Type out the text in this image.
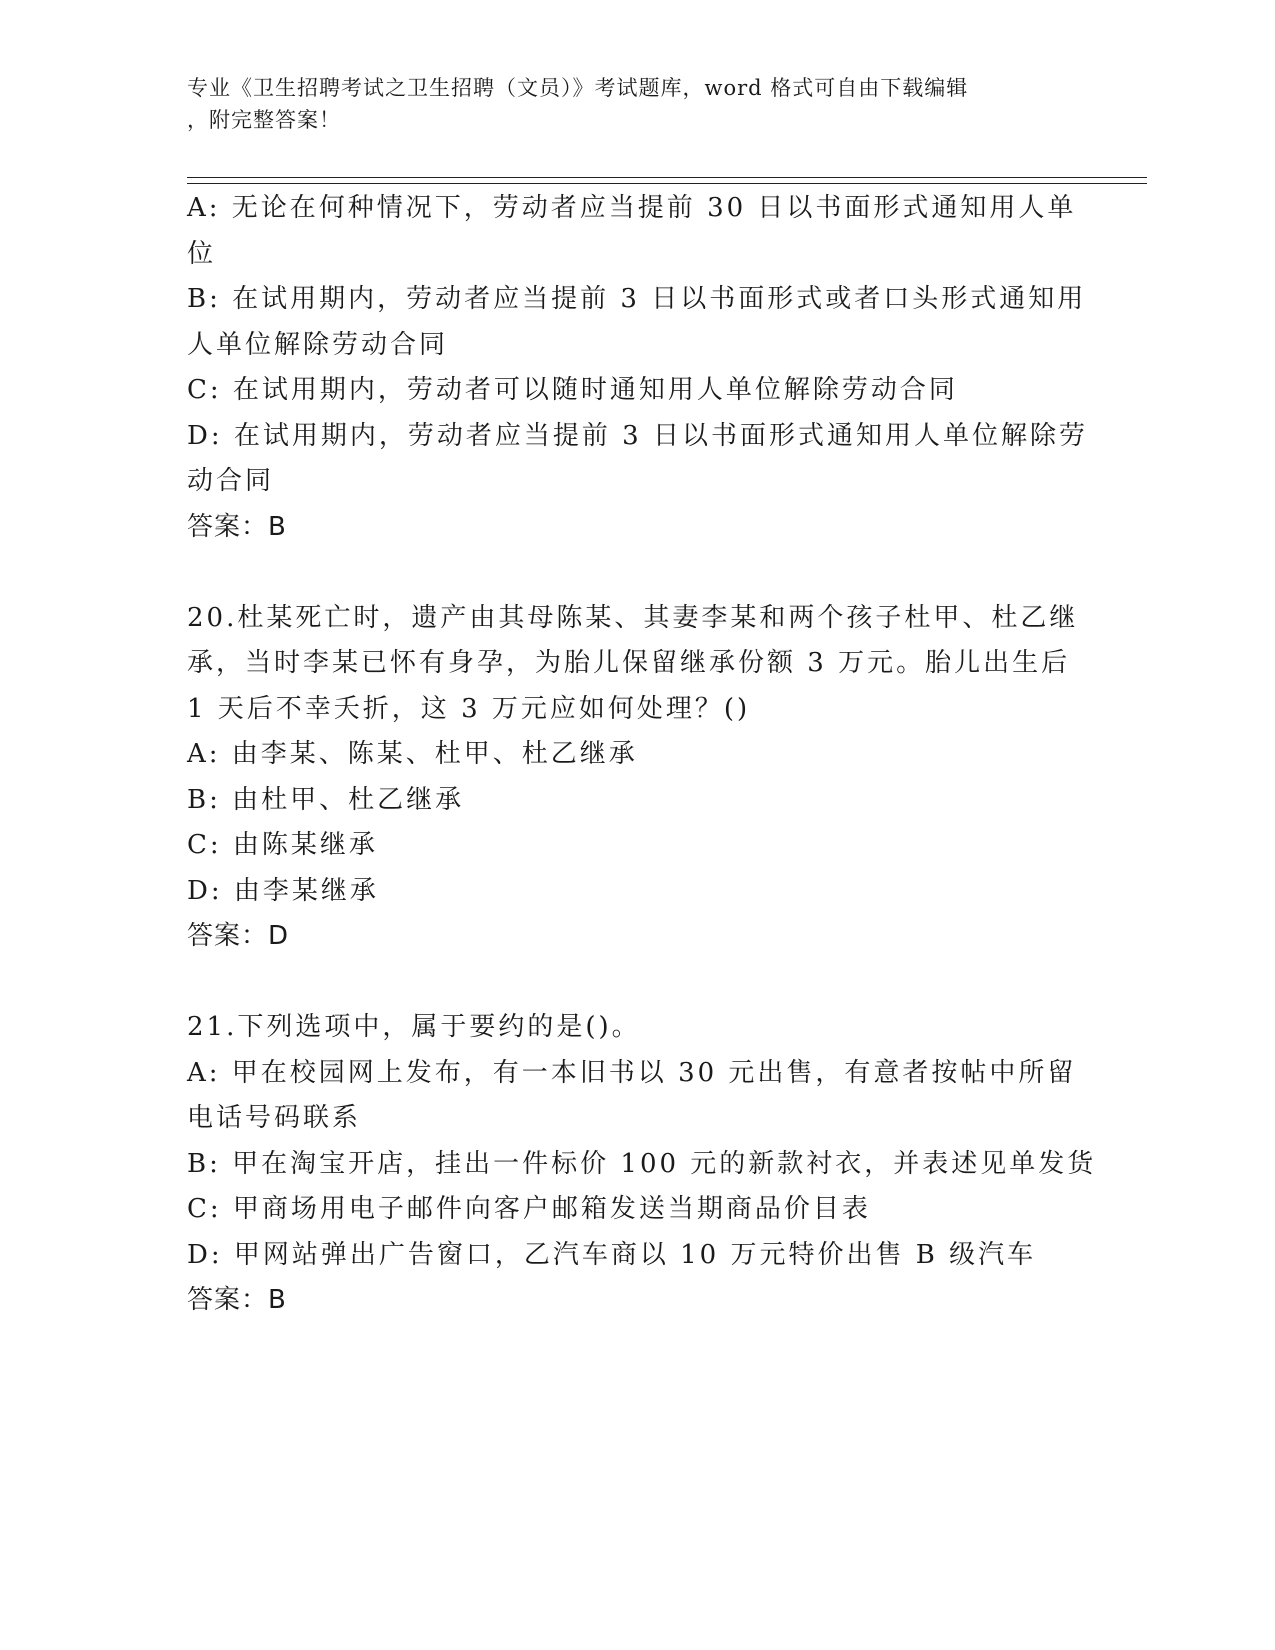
专业《卫生招聘考试之卫生招聘（文员）》考试题库，word 格式可自由下载编辑
，附完整答案！
A: 无论在何种情况下，劳动者应当提前 30 日以书面形式通知用人单
位
B: 在试用期内，劳动者应当提前 3 日以书面形式或者口头形式通知用
人单位解除劳动合同
C: 在试用期内，劳动者可以随时通知用人单位解除劳动合同
D: 在试用期内，劳动者应当提前 3 日以书面形式通知用人单位解除劳
动合同
答案：B
20.杜某死亡时，遗产由其母陈某、其妻李某和两个孩子杜甲、杜乙继
承，当时李某已怀有身孕，为胎儿保留继承份额 3 万元。胎儿出生后
1 天后不幸夭折，这 3 万元应如何处理？()
A: 由李某、陈某、杜甲、杜乙继承
B: 由杜甲、杜乙继承
C: 由陈某继承
D: 由李某继承
答案：D
21.下列选项中，属于要约的是()。
A: 甲在校园网上发布，有一本旧书以 30 元出售，有意者按帖中所留
电话号码联系
B: 甲在淘宝开店，挂出一件标价 100 元的新款衬衣，并表述见单发货
C: 甲商场用电子邮件向客户邮箱发送当期商品价目表
D: 甲网站弹出广告窗口，乙汽车商以 10 万元特价出售 B 级汽车
答案：B
